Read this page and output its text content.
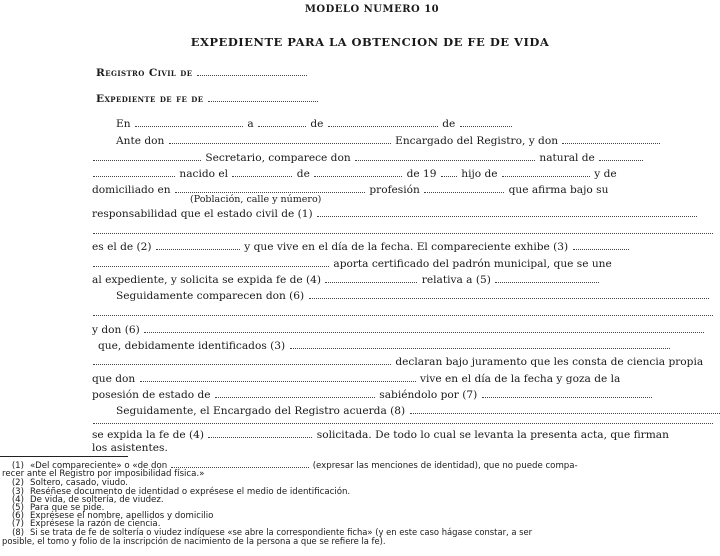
MODELO NUMERO 10
EXPEDIENTE PARA LA OBTENCION DE FE DE VIDA
Registro Civil de
Expediente de fe de
En	a	de	de
Ante don	Encargado del Registro, y don
Secretario, comparece don	natural de
nacido el	de	de 19 hijo de	y de
domiciliado en	profesión	que afirma bajo su
(Población, calle y número)
responsabilidad que el estado civil de (1)
es el de (2)	y que vive en el día de la fecha. El compareciente exhibe (3)
aporta certificado del padrón municipal, que se une
al expediente, y solicita se expida fe de (4)	relativa a (5)
Seguidamente comparecen don (6)
y don (6)
que, debidamente identificados (3)
declaran bajo juramento que les consta de ciencia propia
que don	vive en el día de la fecha y goza de la
posesión de estado de	sabiéndolo por (7)
Seguidamente, el Encargado del Registro acuerda (8)
se expida la fe de (4)	solicitada. De todo lo cual se levanta la presenta acta, que firman
los asistentes.
(1) «Del compareciente» o «de don	(expresar las menciones de identidad), que no puede compa-
recer ante el Registro por imposibilidad física.»
(2) Soltero, casado, viudo.
(3) Reséñese documento de identidad o exprésese el medio de identificación.
(4) De vida, de soltería, de viudez.
(5) Para que se pide.
(6) Exprésese el nombre, apellidos y domicilio
(7) Exprésese la razón de ciencia.
(8) Si se trata de fe de soltería o viudez indíquese «se abre la correspondiente ficha» (y en este caso hágase constar, a ser
posible, el tomo y folio de la inscripción de nacimiento de la persona a que se refiere la fe).
